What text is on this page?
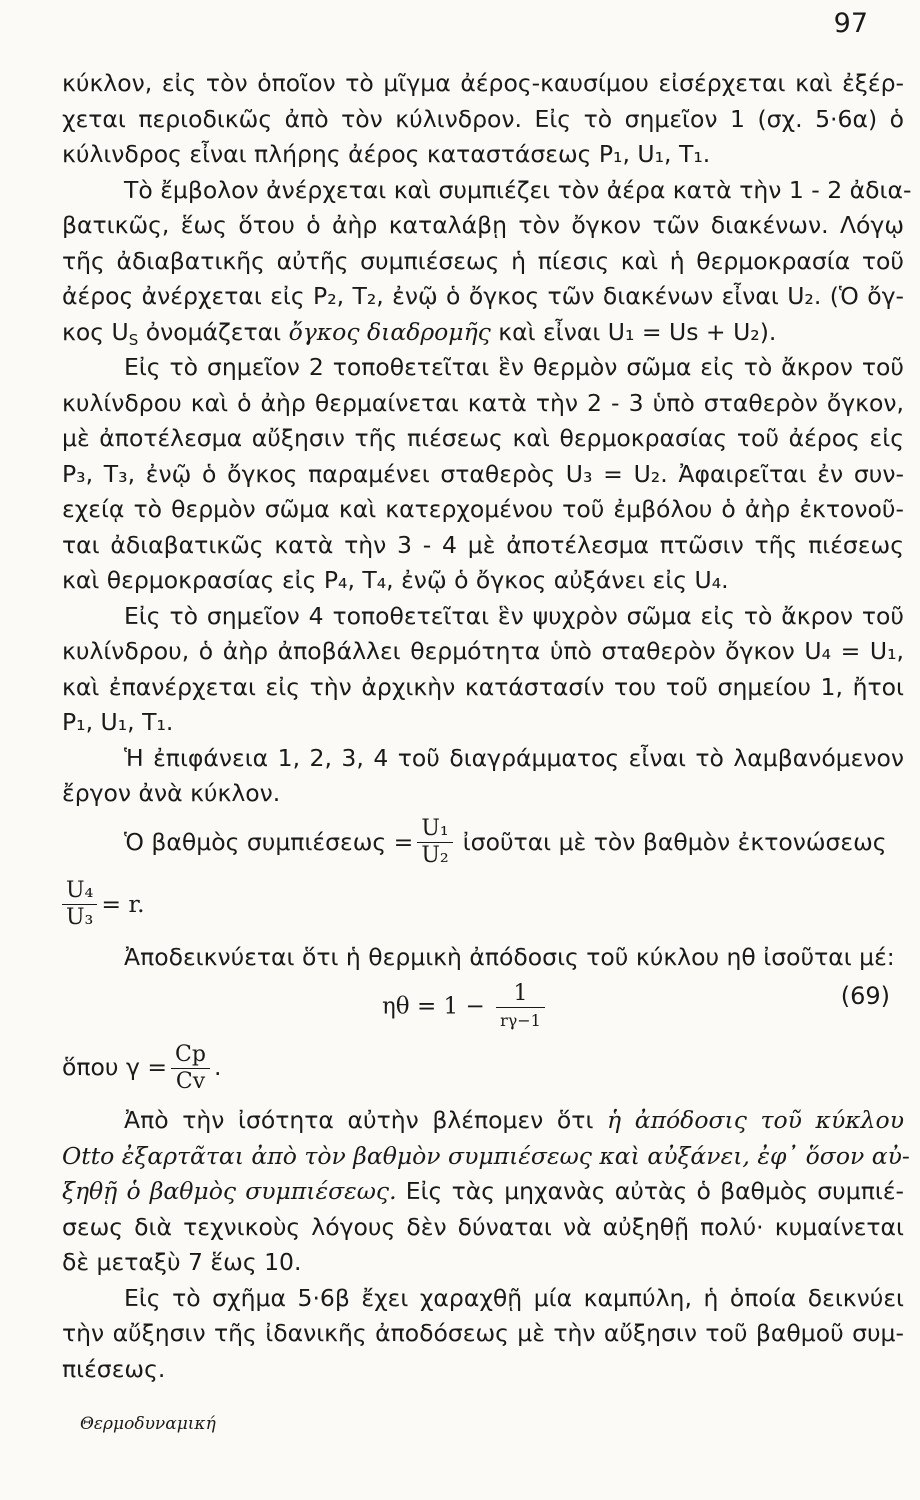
97
κύκλον, εἰς τὸν ὁποῖον τὸ μῖγμα ἀέρος-καυσίμου εἰσέρχεται καὶ ἐξέρ-
χεται περιοδικῶς ἀπὸ τὸν κύλινδρον. Εἰς τὸ σημεῖον 1 (σχ. 5·6α) ὁ
κύλινδρος εἶναι πλήρης ἀέρος καταστάσεως P₁, U₁, T₁.
Τὸ ἔμβολον ἀνέρχεται καὶ συμπιέζει τὸν ἀέρα κατὰ τὴν 1 - 2 ἀδια-
βατικῶς, ἕως ὅτου ὁ ἀὴρ καταλάβῃ τὸν ὄγκον τῶν διακένων. Λόγῳ
τῆς ἀδιαβατικῆς αὐτῆς συμπιέσεως ἡ πίεσις καὶ ἡ θερμοκρασία τοῦ
ἀέρος ἀνέρχεται εἰς P₂, T₂, ἐνῷ ὁ ὄγκος τῶν διακένων εἶναι U₂. (Ὁ ὄγ-
κος $U_S$ ὀνομάζεται ὄγκος διαδρομῆς καὶ εἶναι U₁ = Us + U₂).
Εἰς τὸ σημεῖον 2 τοποθετεῖται ἓν θερμὸν σῶμα εἰς τὸ ἄκρον τοῦ
κυλίνδρου καὶ ὁ ἀὴρ θερμαίνεται κατὰ τὴν 2 - 3 ὑπὸ σταθερὸν ὄγκον,
μὲ ἀποτέλεσμα αὔξησιν τῆς πιέσεως καὶ θερμοκρασίας τοῦ ἀέρος εἰς
P₃, T₃, ἐνῷ ὁ ὄγκος παραμένει σταθερὸς U₃ = U₂. Ἀφαιρεῖται ἐν συν-
εχείᾳ τὸ θερμὸν σῶμα καὶ κατερχομένου τοῦ ἐμβόλου ὁ ἀὴρ ἐκτονοῦ-
ται ἀδιαβατικῶς κατὰ τὴν 3 - 4 μὲ ἀποτέλεσμα πτῶσιν τῆς πιέσεως
καὶ θερμοκρασίας εἰς P₄, T₄, ἐνῷ ὁ ὄγκος αὐξάνει εἰς U₄.
Εἰς τὸ σημεῖον 4 τοποθετεῖται ἓν ψυχρὸν σῶμα εἰς τὸ ἄκρον τοῦ
κυλίνδρου, ὁ ἀὴρ ἀποβάλλει θερμότητα ὑπὸ σταθερὸν ὄγκον U₄ = U₁,
καὶ ἐπανέρχεται εἰς τὴν ἀρχικὴν κατάστασίν του τοῦ σημείου 1, ἤτοι
P₁, U₁, T₁.
Ἡ ἐπιφάνεια 1, 2, 3, 4 τοῦ διαγράμματος εἶναι τὸ λαμβανόμενον
ἔργον ἀνὰ κύκλον.
Ὁ βαθμὸς $\sigma\upsilon\mu\pi\iota έ\sigma\varepsilon\omega\varsigma = \frac{\text{U₁}}{\text{U₂}}$ ἰσοῦται μὲ τὸν βαθμὸν ἐκτονώσεως
$\frac{\text{U₄}}{\text{U₃}} = r$.
Ἀποδεικνύεται ὅτι ἡ θερμικὴ ἀπόδοσις τοῦ κύκλου ηθ ἰσοῦται μέ:
$\eta\theta = 1 - \frac{1}{r\gamma-1}$	(69)
ὅπου $\gamma = \frac{Cp}{Cv}$ .
Ἀπὸ τὴν ἰσότητα αὐτὴν βλέπομεν ὅτι ἡ ἀπόδοσις τοῦ κύκλου
Otto ἐξαρτᾶται ἀπὸ τὸν βαθμὸν συμπιέσεως καὶ αὐξάνει, ἐφ᾽ ὅσον αὐ-
ξηθῇ ὁ βαθμὸς συμπιέσεως. Εἰς τὰς μηχανὰς αὐτὰς ὁ βαθμὸς συμπιέ-
σεως διὰ τεχνικοὺς λόγους δὲν δύναται νὰ αὐξηθῇ πολύ· κυμαίνεται
δὲ μεταξὺ 7 ἕως 10.
Εἰς τὸ σχῆμα 5·6β ἔχει χαραχθῇ μία καμπύλη, ἡ ὁποία δεικνύει
τὴν αὔξησιν τῆς ἰδανικῆς ἀποδόσεως μὲ τὴν αὔξησιν τοῦ βαθμοῦ συμ-
πιέσεως.
Θερμοδυναμική
